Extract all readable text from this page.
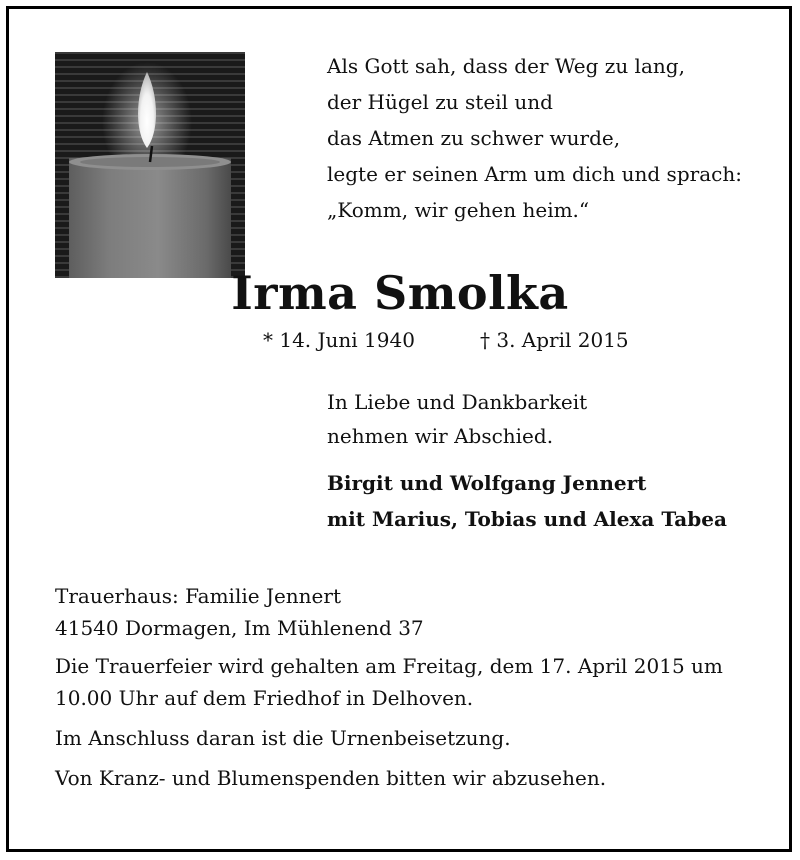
Als Gott sah, dass der Weg zu lang,
der Hügel zu steil und
das Atmen zu schwer wurde,
legte er seinen Arm um dich und sprach:
„Komm, wir gehen heim.“
Irma Smolka
* 14. Juni 1940	† 3. April 2015
In Liebe und Dankbarkeit
nehmen wir Abschied.
Birgit und Wolfgang Jennert
mit Marius, Tobias und Alexa Tabea
Trauerhaus: Familie Jennert
41540 Dormagen, Im Mühlenend 37
Die Trauerfeier wird gehalten am Freitag, dem 17. April 2015 um 10.00 Uhr auf dem Friedhof in Delhoven.
Im Anschluss daran ist die Urnenbeisetzung.
Von Kranz- und Blumenspenden bitten wir abzusehen.
